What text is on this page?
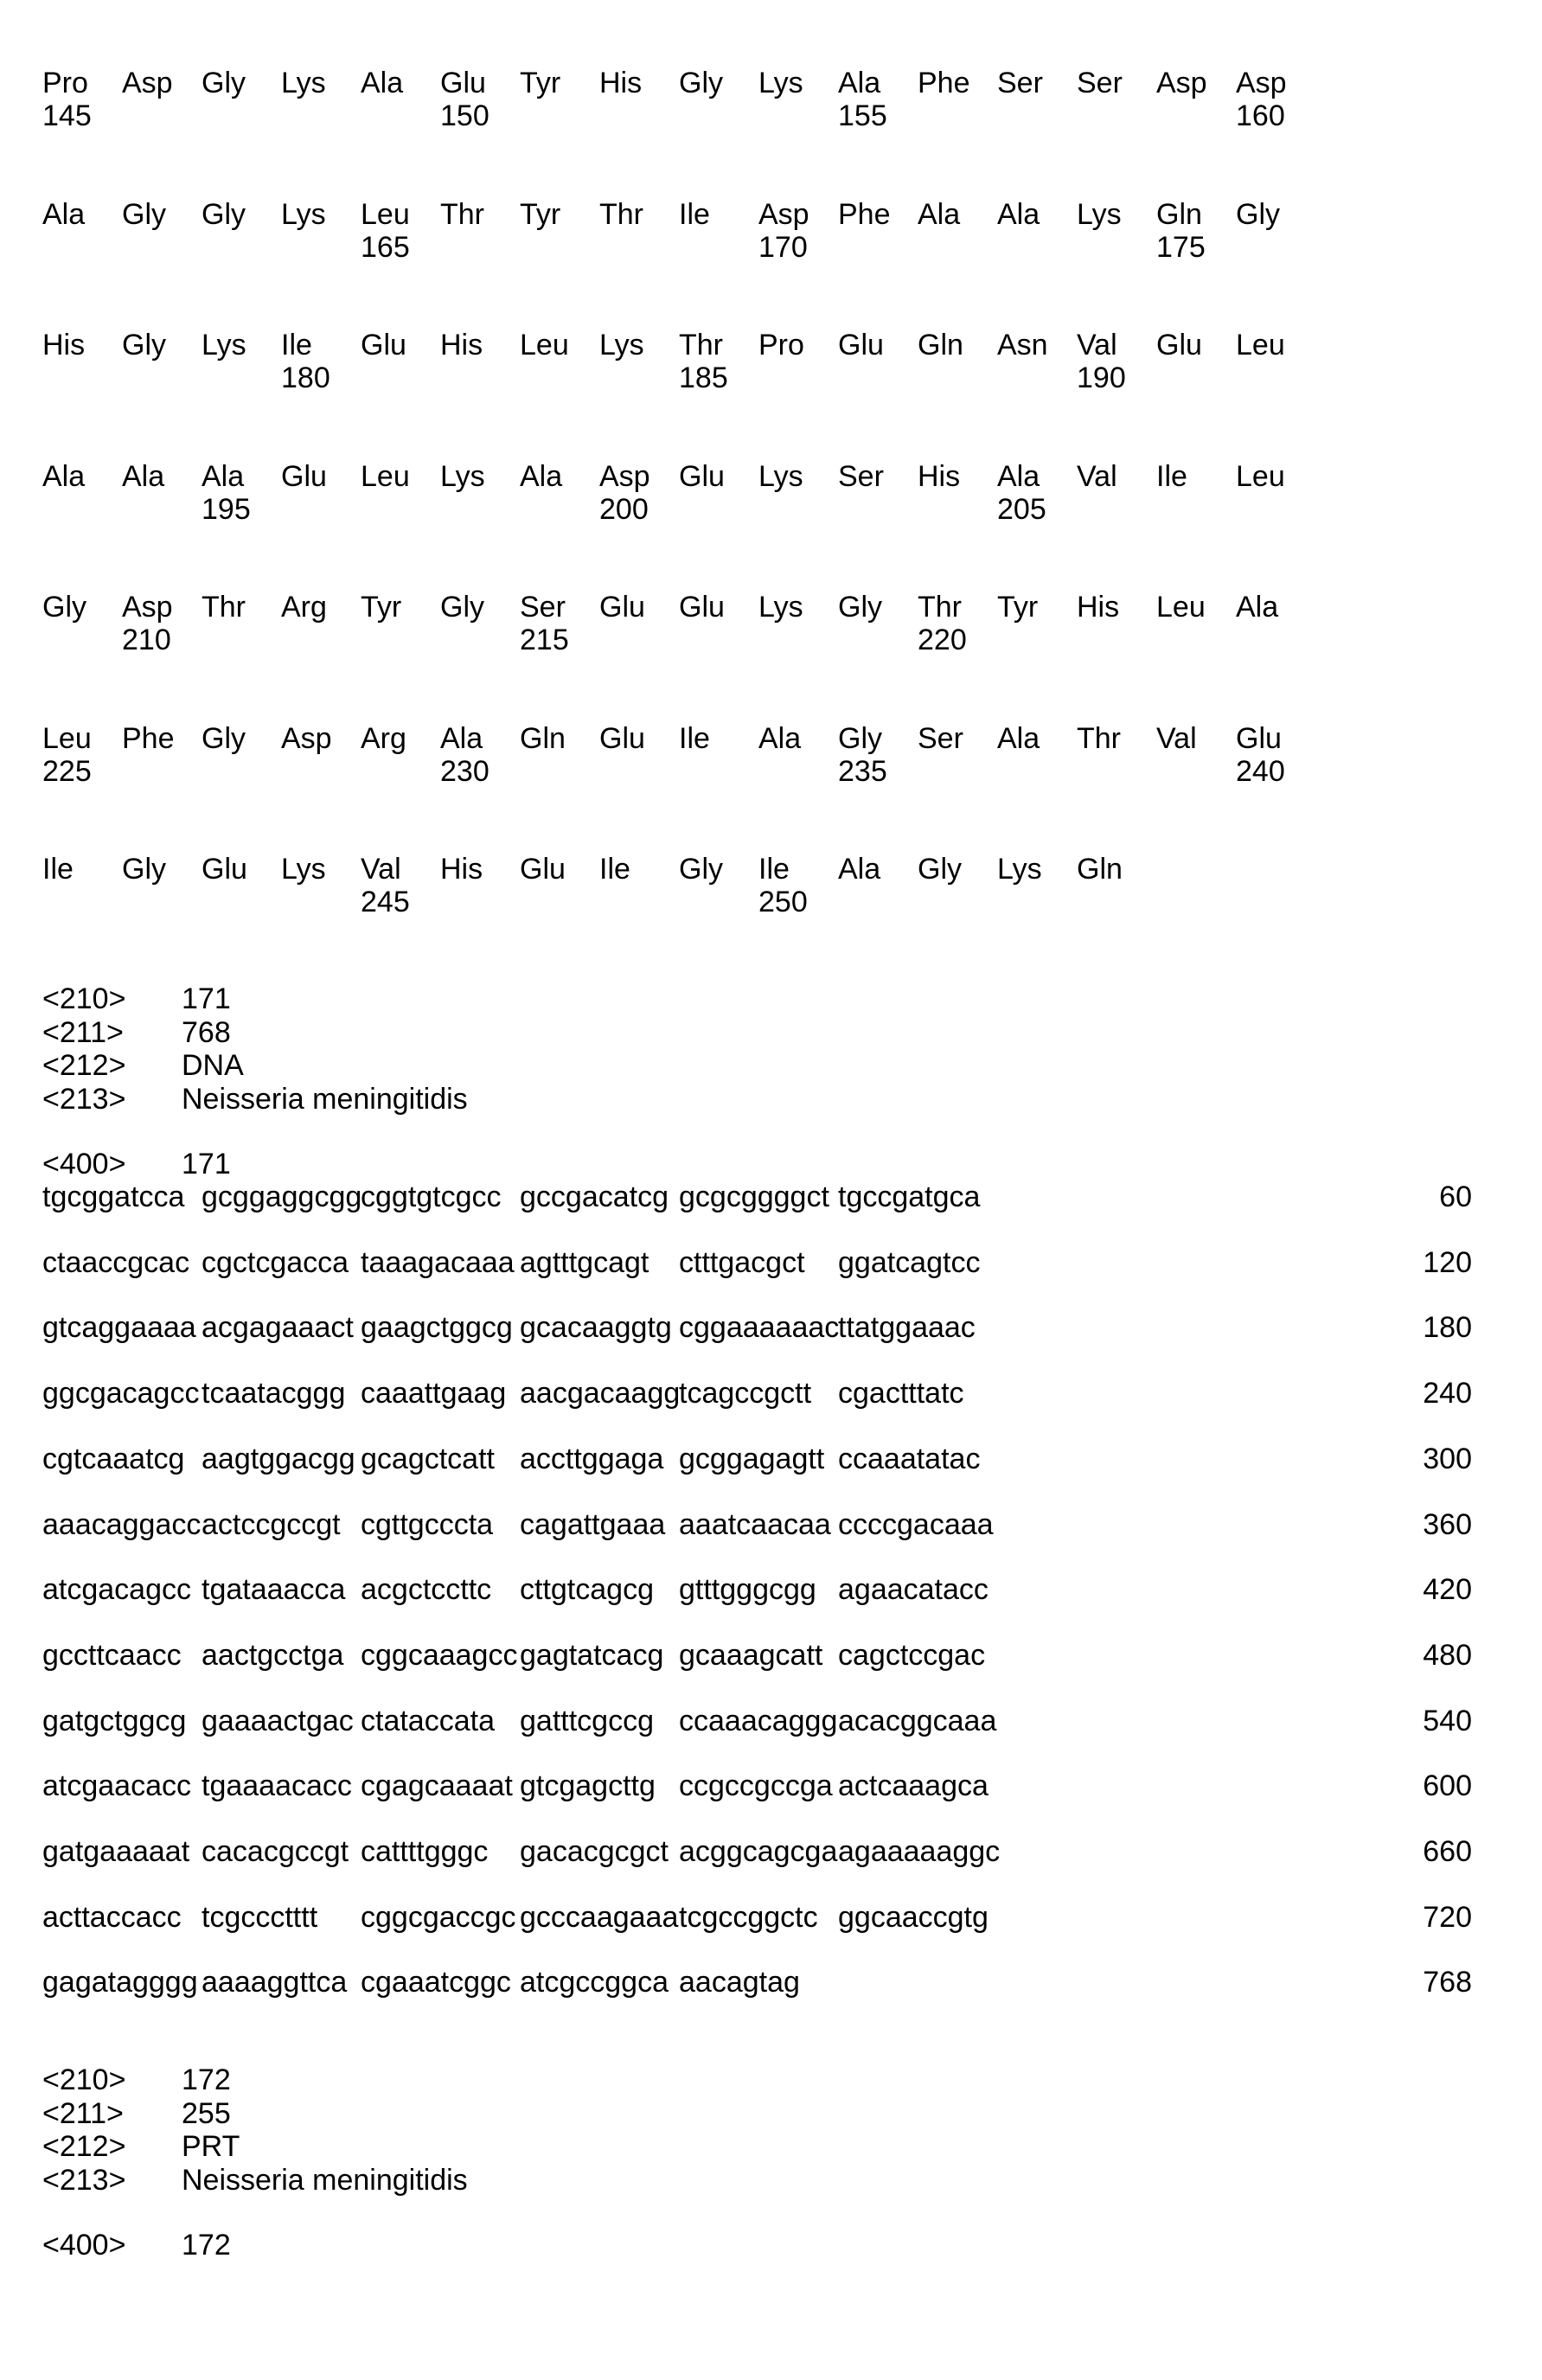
Pro Asp Gly Lys Ala Glu Tyr His Gly Lys Ala Phe Ser Ser Asp Asp
145	150	155	160
Ala Gly Gly Lys Leu Thr Tyr Thr Ile Asp Phe Ala Ala Lys Gln Gly
165	170	175
His Gly Lys Ile Glu His Leu Lys Thr Pro Glu Gln Asn Val Glu Leu
180	185	190
Ala Ala Ala Glu Leu Lys Ala Asp Glu Lys Ser His Ala Val Ile Leu
195	200	205
Gly Asp Thr Arg Tyr Gly Ser Glu Glu Lys Gly Thr Tyr His Leu Ala
210	215	220
Leu Phe Gly Asp Arg Ala Gln Glu Ile Ala Gly Ser Ala Thr Val Glu
225	230	235	240
Ile Gly Glu Lys Val His Glu Ile Gly Ile Ala Gly Lys Gln
245	250
<210> 171
<211> 768
<212> DNA
<213> Neisseria meningitidis
<400> 171
<210> 172
<211> 255
<212> PRT
<213> Neisseria meningitidis
<400> 172
tgcggatcca gcggaggcgg
cggtgtcgcc gccgacatcg gcgcggggct tgccgatgca	60
ctaaccgcac cgctcgacca taaagacaaa agtttgcagt ctttgacgct ggatcagtcc	120
gtcaggaaaa acgagaaact gaagctggcg gcacaaggtg cggaaaaaac
ttatggaaac	180
ggcgacagcc tcaatacggg caaattgaag aacgacaagg
tcagccgctt cgactttatc	240
cgtcaaatcg aagtggacgg gcagctcatt accttggaga gcggagagtt ccaaatatac	300
aaacaggacc actccgccgt cgttgcccta cagattgaaa aaatcaacaa ccccgacaaa	360
atcgacagcc tgataaacca acgctccttc cttgtcagcg gtttgggcgg agaacatacc	420
gccttcaacc aactgcctga cggcaaagcc gagtatcacg gcaaagcatt cagctccgac	480
gatgctggcg gaaaactgac ctataccata gatttcgccg ccaaacaggg acacggcaaa	540
atcgaacacc tgaaaacacc cgagcaaaat gtcgagcttg ccgccgccga actcaaagca	600
gatgaaaaat cacacgccgt cattttgggc gacacgcgct acggcagcga agaaaaaggc	660
acttaccacc tcgccctttt cggcgaccgc gcccaagaaa tcgccggctc ggcaaccgtg	720
gagatagggg aaaaggttca cgaaatcggc atcgccggca aacagtag	768
